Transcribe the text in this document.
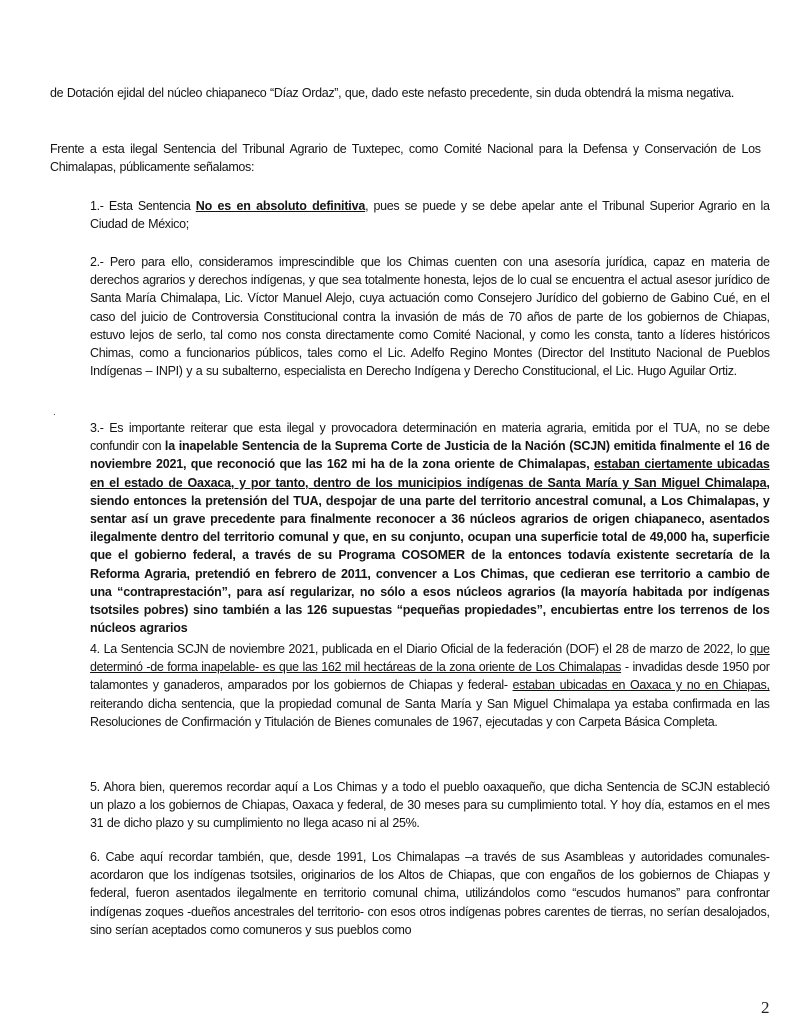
de Dotación ejidal del núcleo chiapaneco “Díaz Ordaz”, que, dado este nefasto precedente, sin duda obtendrá la misma negativa.

Frente a esta ilegal Sentencia del Tribunal Agrario de Tuxtepec, como Comité Nacional para la Defensa y Conservación de Los Chimalapas, públicamente señalamos:

1.- Esta Sentencia No es en absoluto definitiva, pues se puede y se debe apelar ante el Tribunal Superior Agrario en la Ciudad de México;

2.- Pero para ello, consideramos imprescindible que los Chimas cuenten con una asesoría jurídica, capaz en materia de derechos agrarios y derechos indígenas, y que sea totalmente honesta, lejos de lo cual se encuentra el actual asesor jurídico de Santa María Chimalapa, Lic. Víctor Manuel Alejo, cuya actuación como Consejero Jurídico del gobierno de Gabino Cué, en el caso del juicio de Controversia Constitucional contra la invasión de más de 70 años de parte de los gobiernos de Chiapas, estuvo lejos de serlo, tal como nos consta directamente como Comité Nacional, y como les consta, tanto a líderes históricos Chimas, como a funcionarios públicos, tales como el Lic. Adelfo Regino Montes (Director del Instituto Nacional de Pueblos Indígenas – INPI) y a su subalterno, especialista en Derecho Indígena y Derecho Constitucional, el Lic. Hugo Aguilar Ortiz.

.

3.- Es importante reiterar que esta ilegal y provocadora determinación en materia agraria, emitida por el TUA, no se debe confundir con la inapelable Sentencia de la Suprema Corte de Justicia de la Nación (SCJN) emitida finalmente el 16 de noviembre 2021, que reconoció que las 162 mi ha de la zona oriente de Chimalapas, estaban ciertamente ubicadas en el estado de Oaxaca, y por tanto, dentro de los municipios indígenas de Santa María y San Miguel Chimalapa, siendo entonces la pretensión del TUA, despojar de una parte del territorio ancestral comunal, a Los Chimalapas, y sentar así un grave precedente para finalmente reconocer a 36 núcleos agrarios de origen chiapaneco, asentados ilegalmente dentro del territorio comunal y que, en su conjunto, ocupan una superficie total de 49,000 ha, superficie que el gobierno federal, a través de su Programa COSOMER de la entonces todavía existente secretaría de la Reforma Agraria, pretendió en febrero de 2011, convencer a Los Chimas, que cedieran ese territorio a cambio de una “contraprestación”, para así regularizar, no sólo a esos núcleos agrarios (la mayoría habitada por indígenas tsotsiles pobres) sino también a las 126 supuestas “pequeñas propiedades”, encubiertas entre los terrenos de los núcleos agrarios

4. La Sentencia SCJN de noviembre 2021, publicada en el Diario Oficial de la federación (DOF) el 28 de marzo de 2022, lo que determinó -de forma inapelable- es que las 162 mil hectáreas de la zona oriente de Los Chimalapas - invadidas desde 1950 por talamontes y ganaderos, amparados por los gobiernos de Chiapas y federal- estaban ubicadas en Oaxaca y no en Chiapas, reiterando dicha sentencia, que la propiedad comunal de Santa María y San Miguel Chimalapa ya estaba confirmada en las Resoluciones de Confirmación y Titulación de Bienes comunales de 1967, ejecutadas y con Carpeta Básica Completa.

5. Ahora bien, queremos recordar aquí a Los Chimas y a todo el pueblo oaxaqueño, que dicha Sentencia de SCJN estableció un plazo a los gobiernos de Chiapas, Oaxaca y federal, de 30 meses para su cumplimiento total. Y hoy día, estamos en el mes 31 de dicho plazo y su cumplimiento no llega acaso ni al 25%.

6. Cabe aquí recordar también, que, desde 1991, Los Chimalapas –a través de sus Asambleas y autoridades comunales- acordaron que los indígenas tsotsiles, originarios de los Altos de Chiapas, que con engaños de los gobiernos de Chiapas y federal, fueron asentados ilegalmente en territorio comunal chima, utilizándolos como “escudos humanos” para confrontar indígenas zoques -dueños ancestrales del territorio- con esos otros indígenas pobres carentes de tierras, no serían desalojados, sino serían aceptados como comuneros y sus pueblos como

2
